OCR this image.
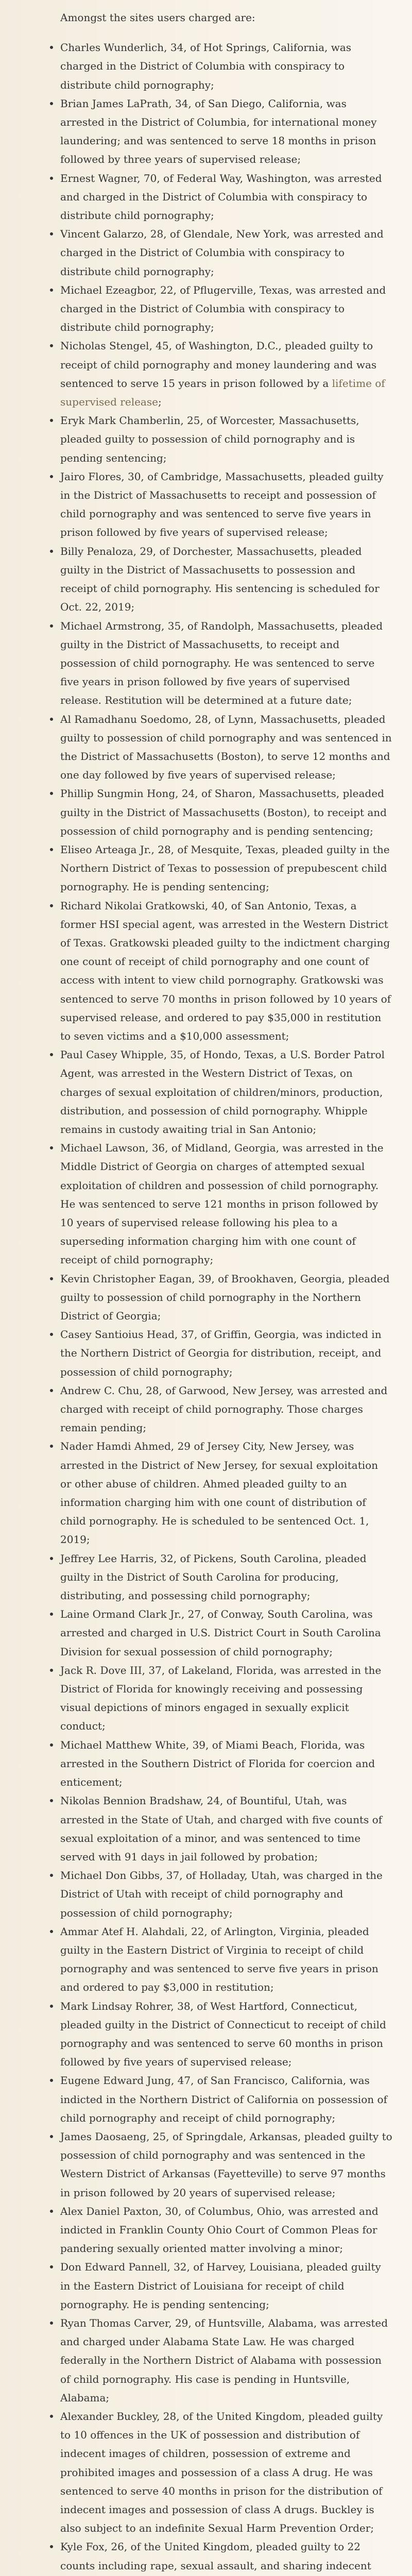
Amongst the sites users charged are:

Charles Wunderlich, 34, of Hot Springs, California, was charged in the District of Columbia with conspiracy to distribute child pornography;
Brian James LaPrath, 34, of San Diego, California, was arrested in the District of Columbia, for international money laundering; and was sentenced to serve 18 months in prison followed by three years of supervised release;
Ernest Wagner, 70, of Federal Way, Washington, was arrested and charged in the District of Columbia with conspiracy to distribute child pornography;
Vincent Galarzo, 28, of Glendale, New York, was arrested and charged in the District of Columbia with conspiracy to distribute child pornography;
Michael Ezeagbor, 22, of Pflugerville, Texas, was arrested and charged in the District of Columbia with conspiracy to distribute child pornography;
Nicholas Stengel, 45, of Washington, D.C., pleaded guilty to receipt of child pornography and money laundering and was sentenced to serve 15 years in prison followed by a lifetime of supervised release;
Eryk Mark Chamberlin, 25, of Worcester, Massachusetts, pleaded guilty to possession of child pornography and is pending sentencing;
Jairo Flores, 30, of Cambridge, Massachusetts, pleaded guilty in the District of Massachusetts to receipt and possession of child pornography and was sentenced to serve five years in prison followed by five years of supervised release;
Billy Penaloza, 29, of Dorchester, Massachusetts, pleaded guilty in the District of Massachusetts to possession and receipt of child pornography. His sentencing is scheduled for Oct. 22, 2019;
Michael Armstrong, 35, of Randolph, Massachusetts, pleaded guilty in the District of Massachusetts, to receipt and possession of child pornography. He was sentenced to serve five years in prison followed by five years of supervised release. Restitution will be determined at a future date;
Al Ramadhanu Soedomo, 28, of Lynn, Massachusetts, pleaded guilty to possession of child pornography and was sentenced in the District of Massachusetts (Boston), to serve 12 months and one day followed by five years of supervised release;
Phillip Sungmin Hong, 24, of Sharon, Massachusetts, pleaded guilty in the District of Massachusetts (Boston), to receipt and possession of child pornography and is pending sentencing;
Eliseo Arteaga Jr., 28, of Mesquite, Texas, pleaded guilty in the Northern District of Texas to possession of prepubescent child pornography. He is pending sentencing;
Richard Nikolai Gratkowski, 40, of San Antonio, Texas, a former HSI special agent, was arrested in the Western District of Texas. Gratkowski pleaded guilty to the indictment charging one count of receipt of child pornography and one count of access with intent to view child pornography. Gratkowski was sentenced to serve 70 months in prison followed by 10 years of supervised release, and ordered to pay $35,000 in restitution to seven victims and a $10,000 assessment;
Paul Casey Whipple, 35, of Hondo, Texas, a U.S. Border Patrol Agent, was arrested in the Western District of Texas, on charges of sexual exploitation of children/minors, production, distribution, and possession of child pornography. Whipple remains in custody awaiting trial in San Antonio;
Michael Lawson, 36, of Midland, Georgia, was arrested in the Middle District of Georgia on charges of attempted sexual exploitation of children and possession of child pornography. He was sentenced to serve 121 months in prison followed by 10 years of supervised release following his plea to a superseding information charging him with one count of receipt of child pornography;
Kevin Christopher Eagan, 39, of Brookhaven, Georgia, pleaded guilty to possession of child pornography in the Northern District of Georgia;
Casey Santioius Head, 37, of Griffin, Georgia, was indicted in the Northern District of Georgia for distribution, receipt, and possession of child pornography;
Andrew C. Chu, 28, of Garwood, New Jersey, was arrested and charged with receipt of child pornography. Those charges remain pending;
Nader Hamdi Ahmed, 29 of Jersey City, New Jersey, was arrested in the District of New Jersey, for sexual exploitation or other abuse of children. Ahmed pleaded guilty to an information charging him with one count of distribution of child pornography. He is scheduled to be sentenced Oct. 1, 2019;
Jeffrey Lee Harris, 32, of Pickens, South Carolina, pleaded guilty in the District of South Carolina for producing, distributing, and possessing child pornography;
Laine Ormand Clark Jr., 27, of Conway, South Carolina, was arrested and charged in U.S. District Court in South Carolina Division for sexual possession of child pornography;
Jack R. Dove III, 37, of Lakeland, Florida, was arrested in the District of Florida for knowingly receiving and possessing visual depictions of minors engaged in sexually explicit conduct;
Michael Matthew White, 39, of Miami Beach, Florida, was arrested in the Southern District of Florida for coercion and enticement;
Nikolas Bennion Bradshaw, 24, of Bountiful, Utah, was arrested in the State of Utah, and charged with five counts of sexual exploitation of a minor, and was sentenced to time served with 91 days in jail followed by probation;
Michael Don Gibbs, 37, of Holladay, Utah, was charged in the District of Utah with receipt of child pornography and possession of child pornography;
Ammar Atef H. Alahdali, 22, of Arlington, Virginia, pleaded guilty in the Eastern District of Virginia to receipt of child pornography and was sentenced to serve five years in prison and ordered to pay $3,000 in restitution;
Mark Lindsay Rohrer, 38, of West Hartford, Connecticut, pleaded guilty in the District of Connecticut to receipt of child pornography and was sentenced to serve 60 months in prison followed by five years of supervised release;
Eugene Edward Jung, 47, of San Francisco, California, was indicted in the Northern District of California on possession of child pornography and receipt of child pornography;
James Daosaeng, 25, of Springdale, Arkansas, pleaded guilty to possession of child pornography and was sentenced in the Western District of Arkansas (Fayetteville) to serve 97 months in prison followed by 20 years of supervised release;
Alex Daniel Paxton, 30, of Columbus, Ohio, was arrested and indicted in Franklin County Ohio Court of Common Pleas for pandering sexually oriented matter involving a minor;
Don Edward Pannell, 32, of Harvey, Louisiana, pleaded guilty in the Eastern District of Louisiana for receipt of child pornography. He is pending sentencing;
Ryan Thomas Carver, 29, of Huntsville, Alabama, was arrested and charged under Alabama State Law. He was charged federally in the Northern District of Alabama with possession of child pornography. His case is pending in Huntsville, Alabama;
Alexander Buckley, 28, of the United Kingdom, pleaded guilty to 10 offences in the UK of possession and distribution of indecent images of children, possession of extreme and prohibited images and possession of a class A drug. He was sentenced to serve 40 months in prison for the distribution of indecent images and possession of class A drugs. Buckley is also subject to an indefinite Sexual Harm Prevention Order;
Kyle Fox, 26, of the United Kingdom, pleaded guilty to 22 counts including rape, sexual assault, and sharing indecent
